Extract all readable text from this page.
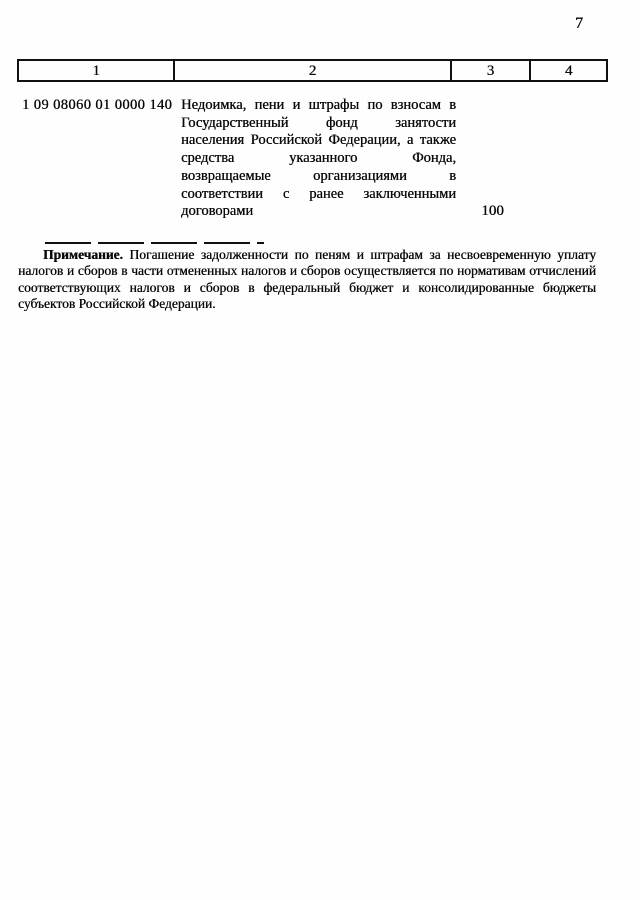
7
1	2	3	4
1 09 08060 01 0000 140 Недоимка, пени и штрафы по взносам в
Государственный фонд занятости
населения Российской Федерации, а также
средства указанного Фонда,
возвращаемые организациями в
соответствии с ранее заключенными
договорами	100
Примечание. Погашение задолженности по пеням и штрафам за несвоевременную уплату
налогов и сборов в части отмененных налогов и сборов осуществляется по нормативам отчислений
соответствующих налогов и сборов в федеральный бюджет и консолидированные бюджеты
субъектов Российской Федерации.
